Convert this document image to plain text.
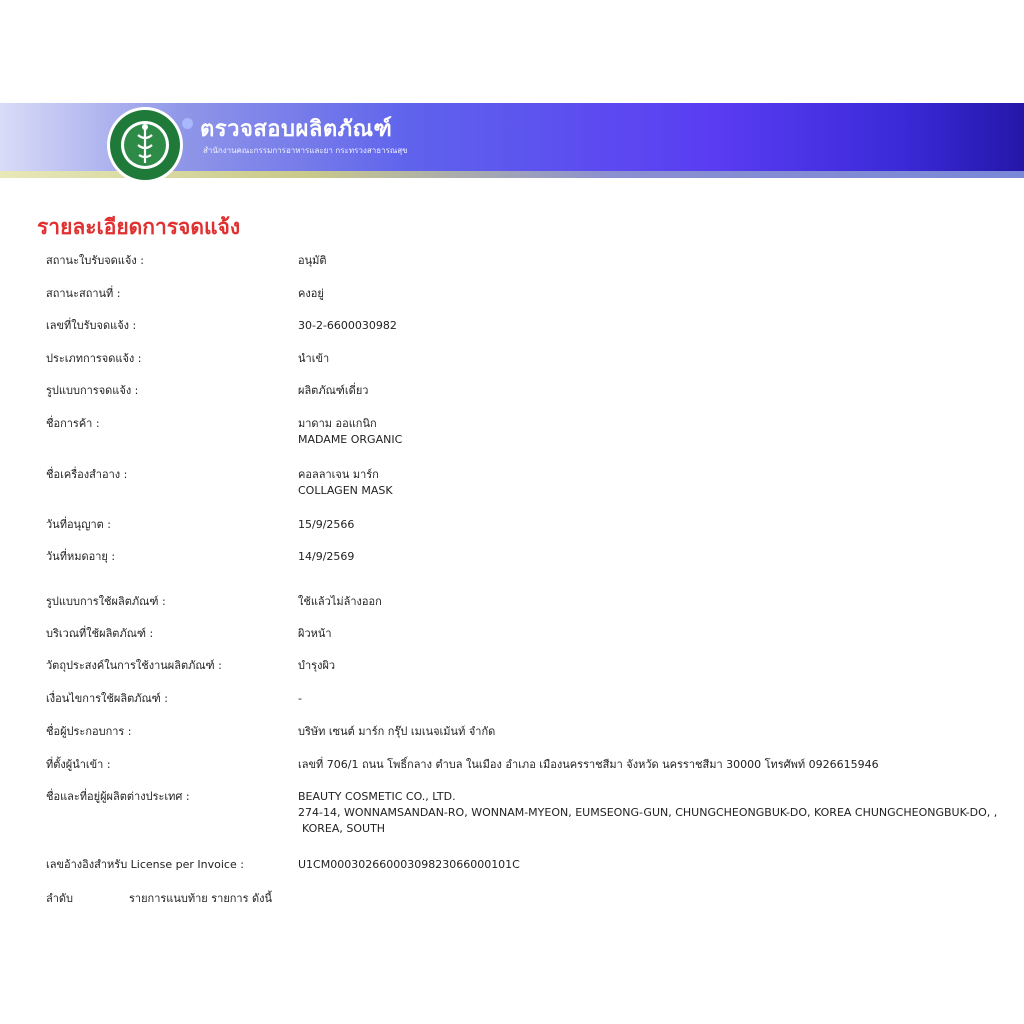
ตรวจสอบผลิตภัณฑ์
สำนักงานคณะกรรมการอาหารและยา กระทรวงสาธารณสุข
รายละเอียดการจดแจ้ง
สถานะใบรับจดแจ้ง :	อนุมัติ
สถานะสถานที่ :	คงอยู่
เลขที่ใบรับจดแจ้ง :	30-2-6600030982
ประเภทการจดแจ้ง :	นำเข้า
รูปแบบการจดแจ้ง :	ผลิตภัณฑ์เดี่ยว
ชื่อการค้า :	มาดาม ออแกนิก
MADAME ORGANIC
ชื่อเครื่องสำอาง :	คอลลาเจน มาร์ก
COLLAGEN MASK
วันที่อนุญาต :	15/9/2566
วันที่หมดอายุ :	14/9/2569
รูปแบบการใช้ผลิตภัณฑ์ :	ใช้แล้วไม่ล้างออก
บริเวณที่ใช้ผลิตภัณฑ์ :	ผิวหน้า
วัตถุประสงค์ในการใช้งานผลิตภัณฑ์ :	บำรุงผิว
เงื่อนไขการใช้ผลิตภัณฑ์ :	-
ชื่อผู้ประกอบการ :	บริษัท เซนต์ มาร์ก กรุ๊ป เมเนจเม้นท์ จำกัด
ที่ตั้งผู้นำเข้า :	เลขที่ 706/1 ถนน โพธิ์กลาง ตำบล ในเมือง อำเภอ เมืองนครราชสีมา จังหวัด นครราชสีมา 30000 โทรศัพท์ 0926615946
ชื่อและที่อยู่ผู้ผลิตต่างประเทศ :	BEAUTY COSMETIC CO., LTD.
274-14, WONNAMSANDAN-RO, WONNAM-MYEON, EUMSEONG-GUN, CHUNGCHEONGBUK-DO, KOREA CHUNGCHEONGBUK-DO, ,
KOREA, SOUTH
เลขอ้างอิงสำหรับ License per Invoice :	U1CM00030266000309823066000101C
ลำดับ	รายการแนบท้าย รายการ ดังนี้
